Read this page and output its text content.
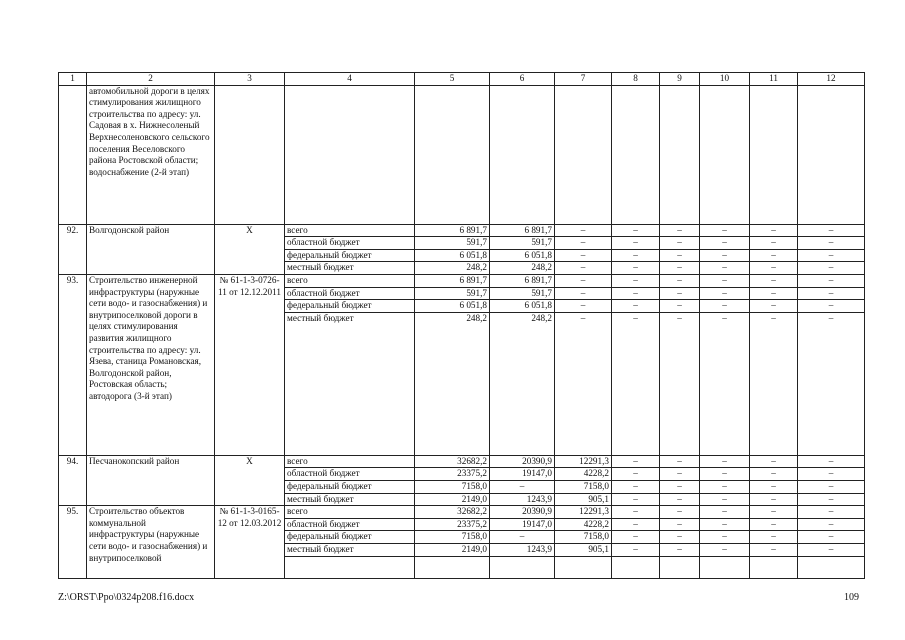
1	2	3	4	5	6	7	8	9	10	11	12
	автомобильной дороги в целях стимулирования жилищного строительства по адресу: ул. Садовая в х. Нижнесоленый Верхнесоленовского сельского поселения Веселовского района Ростовской области; водоснабжение (2-й этап)										
92.	Волгодонской район	Х	всего	6 891,7	6 891,7	–	–	–	–	–	–
			областной бюджет	591,7	591,7	–	–	–	–	–	–
			федеральный бюджет	6 051,8	6 051,8	–	–	–	–	–	–
			местный бюджет	248,2	248,2	–	–	–	–	–	–
93.	Строительство инженерной инфраструктуры (наружные сети водо- и газоснабжения) и внутрипоселковой дороги в целях стимулирования развития жилищного строительства по адресу: ул. Язева, станица Романовская, Волгодонской район, Ростовская область; автодорога (3-й этап)	№ 61-1-3-0726-11 от 12.12.2011	всего	6 891,7	6 891,7	–	–	–	–	–	–
			областной бюджет	591,7	591,7	–	–	–	–	–	–
			федеральный бюджет	6 051,8	6 051,8	–	–	–	–	–	–
			местный бюджет	248,2	248,2	–	–	–	–	–	–
94.	Песчанокопский район	Х	всего	32682,2	20390,9	12291,3	–	–	–	–	–
			областной бюджет	23375,2	19147,0	4228,2	–	–	–	–	–
			федеральный бюджет	7158,0	–	7158,0	–	–	–	–	–
			местный бюджет	2149,0	1243,9	905,1	–	–	–	–	–
95.	Строительство объектов коммунальной инфраструктуры (наружные сети водо- и газоснабжения) и внутрипоселковой	№ 61-1-3-0165-12 от 12.03.2012	всего	32682,2	20390,9	12291,3	–	–	–	–	–
			областной бюджет	23375,2	19147,0	4228,2	–	–	–	–	–
			федеральный бюджет	7158,0	–	7158,0	–	–	–	–	–
			местный бюджет	2149,0	1243,9	905,1	–	–	–	–	–

Z:\ORST\Ppo\0324p208.f16.docx	109
